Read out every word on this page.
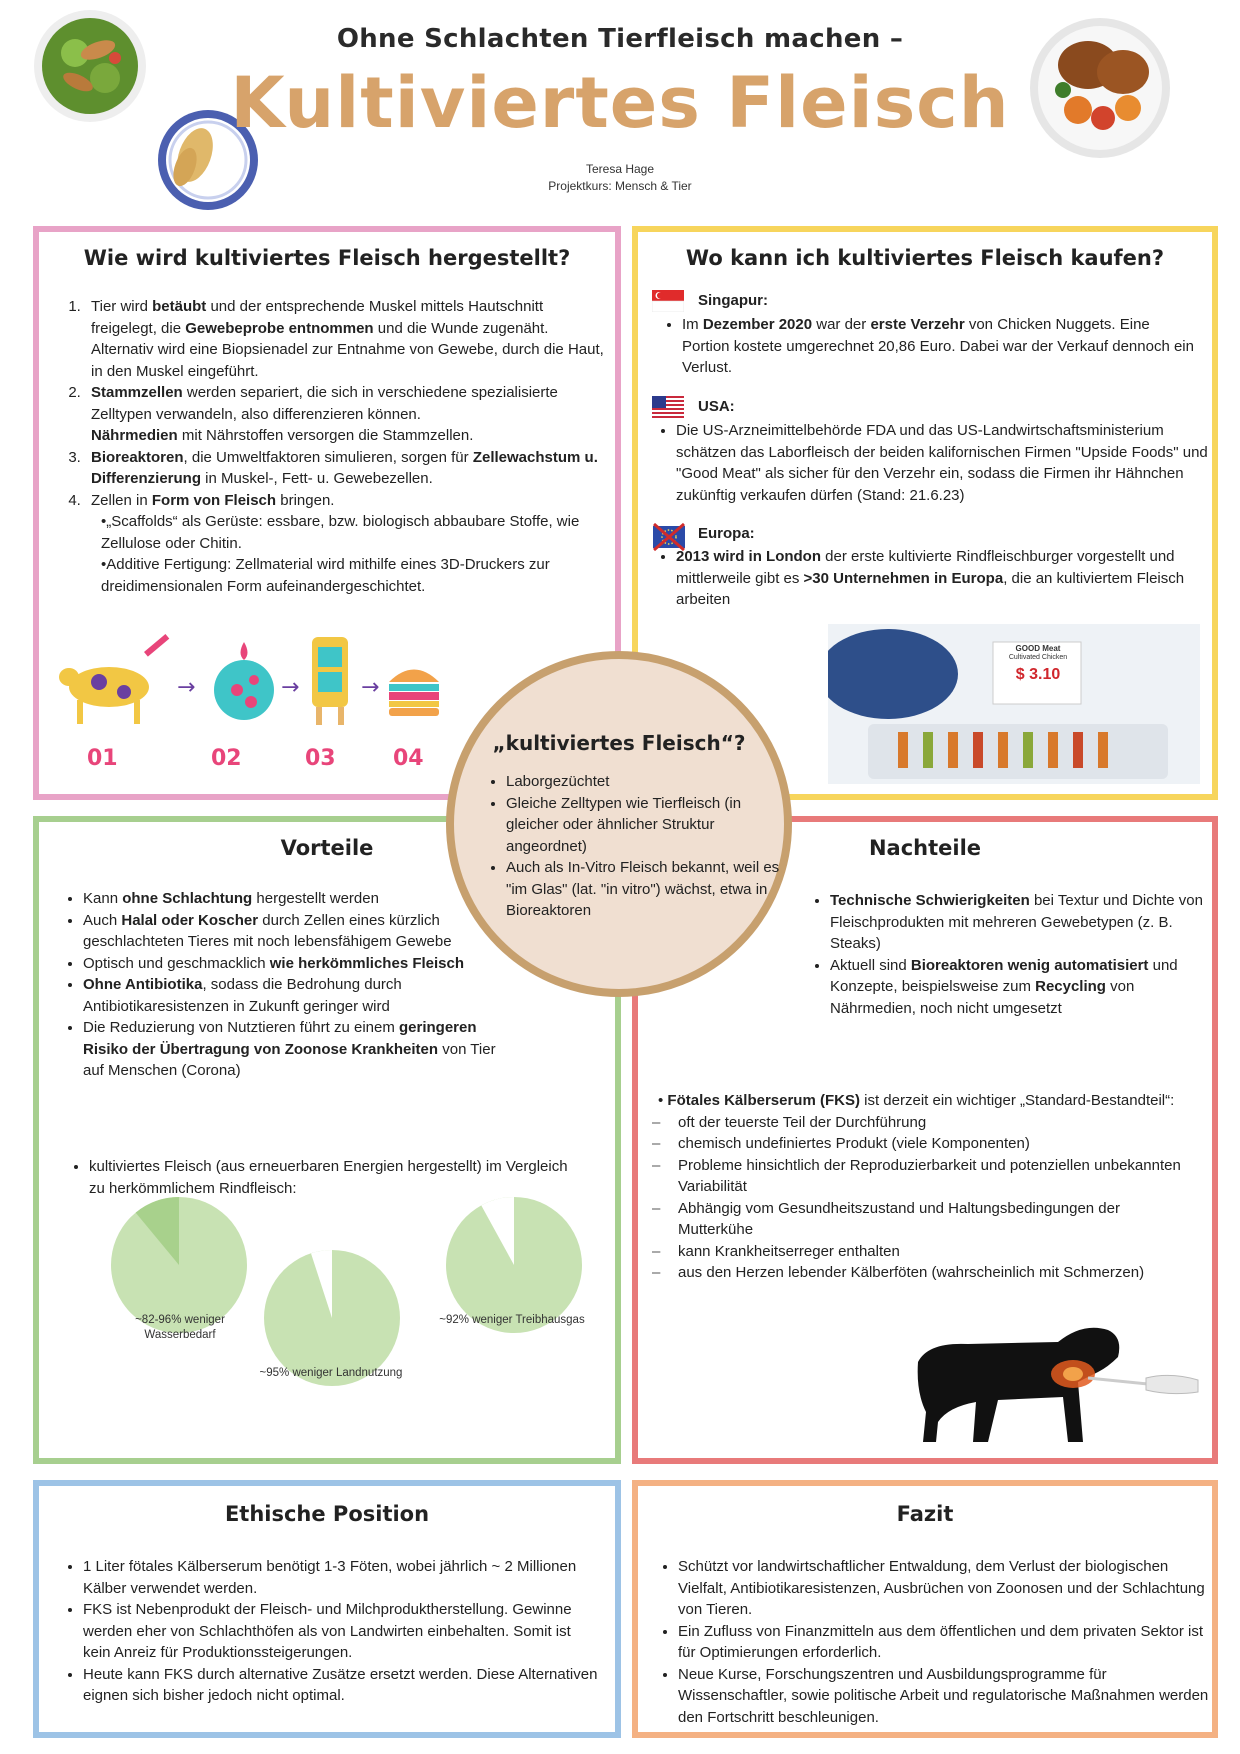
Ohne Schlachten Tierfleisch machen –
Kultiviertes Fleisch
Teresa Hage
Projektkurs: Mensch & Tier
Wie wird kultiviertes Fleisch hergestellt?
1. Tier wird betäubt und der entsprechende Muskel mittels Hautschnitt freigelegt, die Gewebeprobe entnommen und die Wunde zugenäht.
Alternativ wird eine Biopsienadel zur Entnahme von Gewebe, durch die Haut, in den Muskel eingeführt.
2. Stammzellen werden separiert, die sich in verschiedene spezialisierte Zelltypen verwandeln, also differenzieren können.
Nährmedien mit Nährstoffen versorgen die Stammzellen.
3. Bioreaktoren, die Umweltfaktoren simulieren, sorgen für Zellewachstum u. Differenzierung in Muskel-, Fett- u. Gewebezellen.
4. Zellen in Form von Fleisch bringen.
•„Scaffolds“ als Gerüste: essbare, bzw. biologisch abbaubare Stoffe, wie Zellulose oder Chitin.
•Additive Fertigung: Zellmaterial wird mithilfe eines 3D-Druckers zur dreidimensionalen Form aufeinandergeschichtet.
→	→	→
01	02	03	04
Wo kann ich kultiviertes Fleisch kaufen?
Singapur:
• Im Dezember 2020 war der erste Verzehr von Chicken Nuggets. Eine Portion kostete umgerechnet 20,86 Euro. Dabei war der Verkauf dennoch ein Verlust.
USA:
• Die US-Arzneimittelbehörde FDA und das US-Landwirtschaftsministerium schätzen das Laborfleisch der beiden kalifornischen Firmen "Upside Foods" und "Good Meat" als sicher für den Verzehr ein, sodass die Firmen ihr Hähnchen zukünftig verkaufen dürfen (Stand: 21.6.23)
Europa:
• 2013 wird in London der erste kultivierte Rindfleischburger vorgestellt und mittlerweile gibt es >30 Unternehmen in Europa, die an kultiviertem Fleisch arbeiten
GOOD Meat
Cultivated Chicken
$ 3.10
Vorteile
• Kann ohne Schlachtung hergestellt werden
• Auch Halal oder Koscher durch Zellen eines kürzlich geschlachteten Tieres mit noch lebensfähigem Gewebe
• Optisch und geschmacklich wie herkömmliches Fleisch
• Ohne Antibiotika, sodass die Bedrohung durch Antibiotikaresistenzen in Zukunft geringer wird
• Die Reduzierung von Nutztieren führt zu einem geringeren Risiko der Übertragung von Zoonose Krankheiten von Tier auf Menschen (Corona)
• kultiviertes Fleisch (aus erneuerbaren Energien hergestellt) im Vergleich zu herkömmlichem Rindfleisch:
~82-96% weniger Wasserbedarf
~95% weniger Landnutzung
~92% weniger Treibhausgas
Nachteile
• Technische Schwierigkeiten bei Textur und Dichte von Fleischprodukten mit mehreren Gewebetypen (z. B. Steaks)
• Aktuell sind Bioreaktoren wenig automatisiert und Konzepte, beispielsweise zum Recycling von Nährmedien, noch nicht umgesetzt
• Fötales Kälberserum (FKS) ist derzeit ein wichtiger „Standard-Bestandteil“:
– oft der teuerste Teil der Durchführung
– chemisch undefiniertes Produkt (viele Komponenten)
– Probleme hinsichtlich der Reproduzierbarkeit und potenziellen unbekannten Variabilität
– Abhängig vom Gesundheitszustand und Haltungsbedingungen der Mutterkühe
– kann Krankheitserreger enthalten
– aus den Herzen lebender Kälberföten (wahrscheinlich mit Schmerzen)
„kultiviertes Fleisch“?
• Laborgezüchtet
• Gleiche Zelltypen wie Tierfleisch (in gleicher oder ähnlicher Struktur angeordnet)
• Auch als In-Vitro Fleisch bekannt, weil es "im Glas" (lat. "in vitro") wächst, etwa in Bioreaktoren
Ethische Position
• 1 Liter fötales Kälberserum benötigt 1-3 Föten, wobei jährlich ~ 2 Millionen Kälber verwendet werden.
• FKS ist Nebenprodukt der Fleisch- und Milchproduktherstellung. Gewinne werden eher von Schlachthöfen als von Landwirten einbehalten. Somit ist kein Anreiz für Produktionssteigerungen.
• Heute kann FKS durch alternative Zusätze ersetzt werden. Diese Alternativen eignen sich bisher jedoch nicht optimal.
Fazit
• Schützt vor landwirtschaftlicher Entwaldung, dem Verlust der biologischen Vielfalt, Antibiotikaresistenzen, Ausbrüchen von Zoonosen und der Schlachtung von Tieren.
• Ein Zufluss von Finanzmitteln aus dem öffentlichen und dem privaten Sektor ist für Optimierungen erforderlich.
• Neue Kurse, Forschungszentren und Ausbildungsprogramme für Wissenschaftler, sowie politische Arbeit und regulatorische Maßnahmen werden den Fortschritt beschleunigen.
